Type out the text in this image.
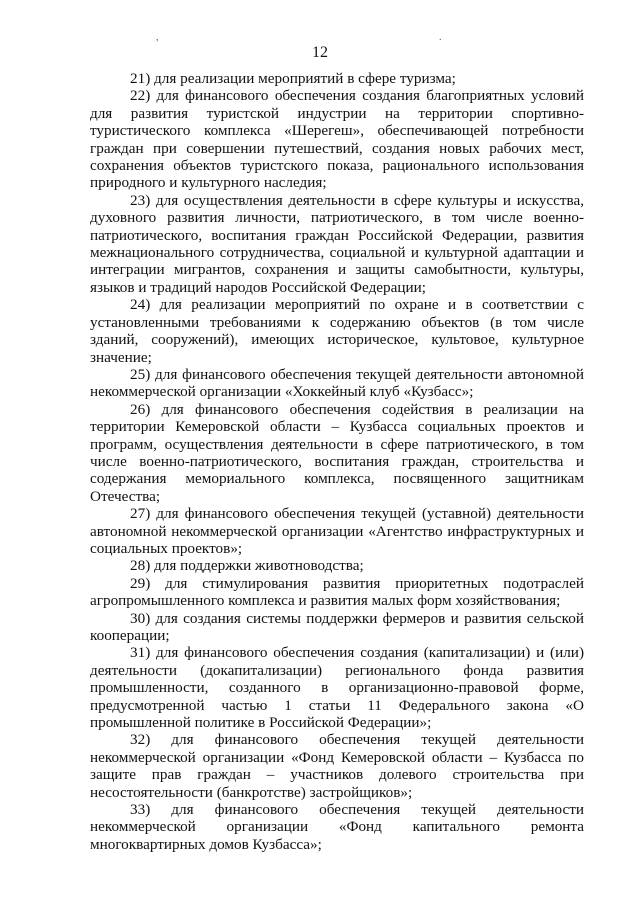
,	.
12

21) для реализации мероприятий в сфере туризма;

22) для финансового обеспечения создания благоприятных условий для развития туристской индустрии на территории спортивно-туристического комплекса «Шерегеш», обеспечивающей потребности граждан при совершении путешествий, создания новых рабочих мест, сохранения объектов туристского показа, рационального использования природного и культурного наследия;

23) для осуществления деятельности в сфере культуры и искусства, духовного развития личности, патриотического, в том числе военно-патриотического, воспитания граждан Российской Федерации, развития межнационального сотрудничества, социальной и культурной адаптации и интеграции мигрантов, сохранения и защиты самобытности, культуры, языков и традиций народов Российской Федерации;

24) для реализации мероприятий по охране и в соответствии с установленными требованиями к содержанию объектов (в том числе зданий, сооружений), имеющих историческое, культовое, культурное значение;

25) для финансового обеспечения текущей деятельности автономной некоммерческой организации «Хоккейный клуб «Кузбасс»;

26) для финансового обеспечения содействия в реализации на территории Кемеровской области – Кузбасса социальных проектов и программ, осуществления деятельности в сфере патриотического, в том числе военно-патриотического, воспитания граждан, строительства и содержания мемориального комплекса, посвященного защитникам Отечества;

27) для финансового обеспечения текущей (уставной) деятельности автономной некоммерческой организации «Агентство инфраструктурных и социальных проектов»;

28) для поддержки животноводства;

29) для стимулирования развития приоритетных подотраслей агропромышленного комплекса и развития малых форм хозяйствования;

30) для создания системы поддержки фермеров и развития сельской кооперации;

31) для финансового обеспечения создания (капитализации) и (или) деятельности (докапитализации) регионального фонда развития промышленности, созданного в организационно-правовой форме, предусмотренной частью 1 статьи 11 Федерального закона «О промышленной политике в Российской Федерации»;

32) для финансового обеспечения текущей деятельности некоммерческой организации «Фонд Кемеровской области – Кузбасса по защите прав граждан – участников долевого строительства при несостоятельности (банкротстве) застройщиков»;

33) для финансового обеспечения текущей деятельности некоммерческой организации «Фонд капитального ремонта многоквартирных домов Кузбасса»;
